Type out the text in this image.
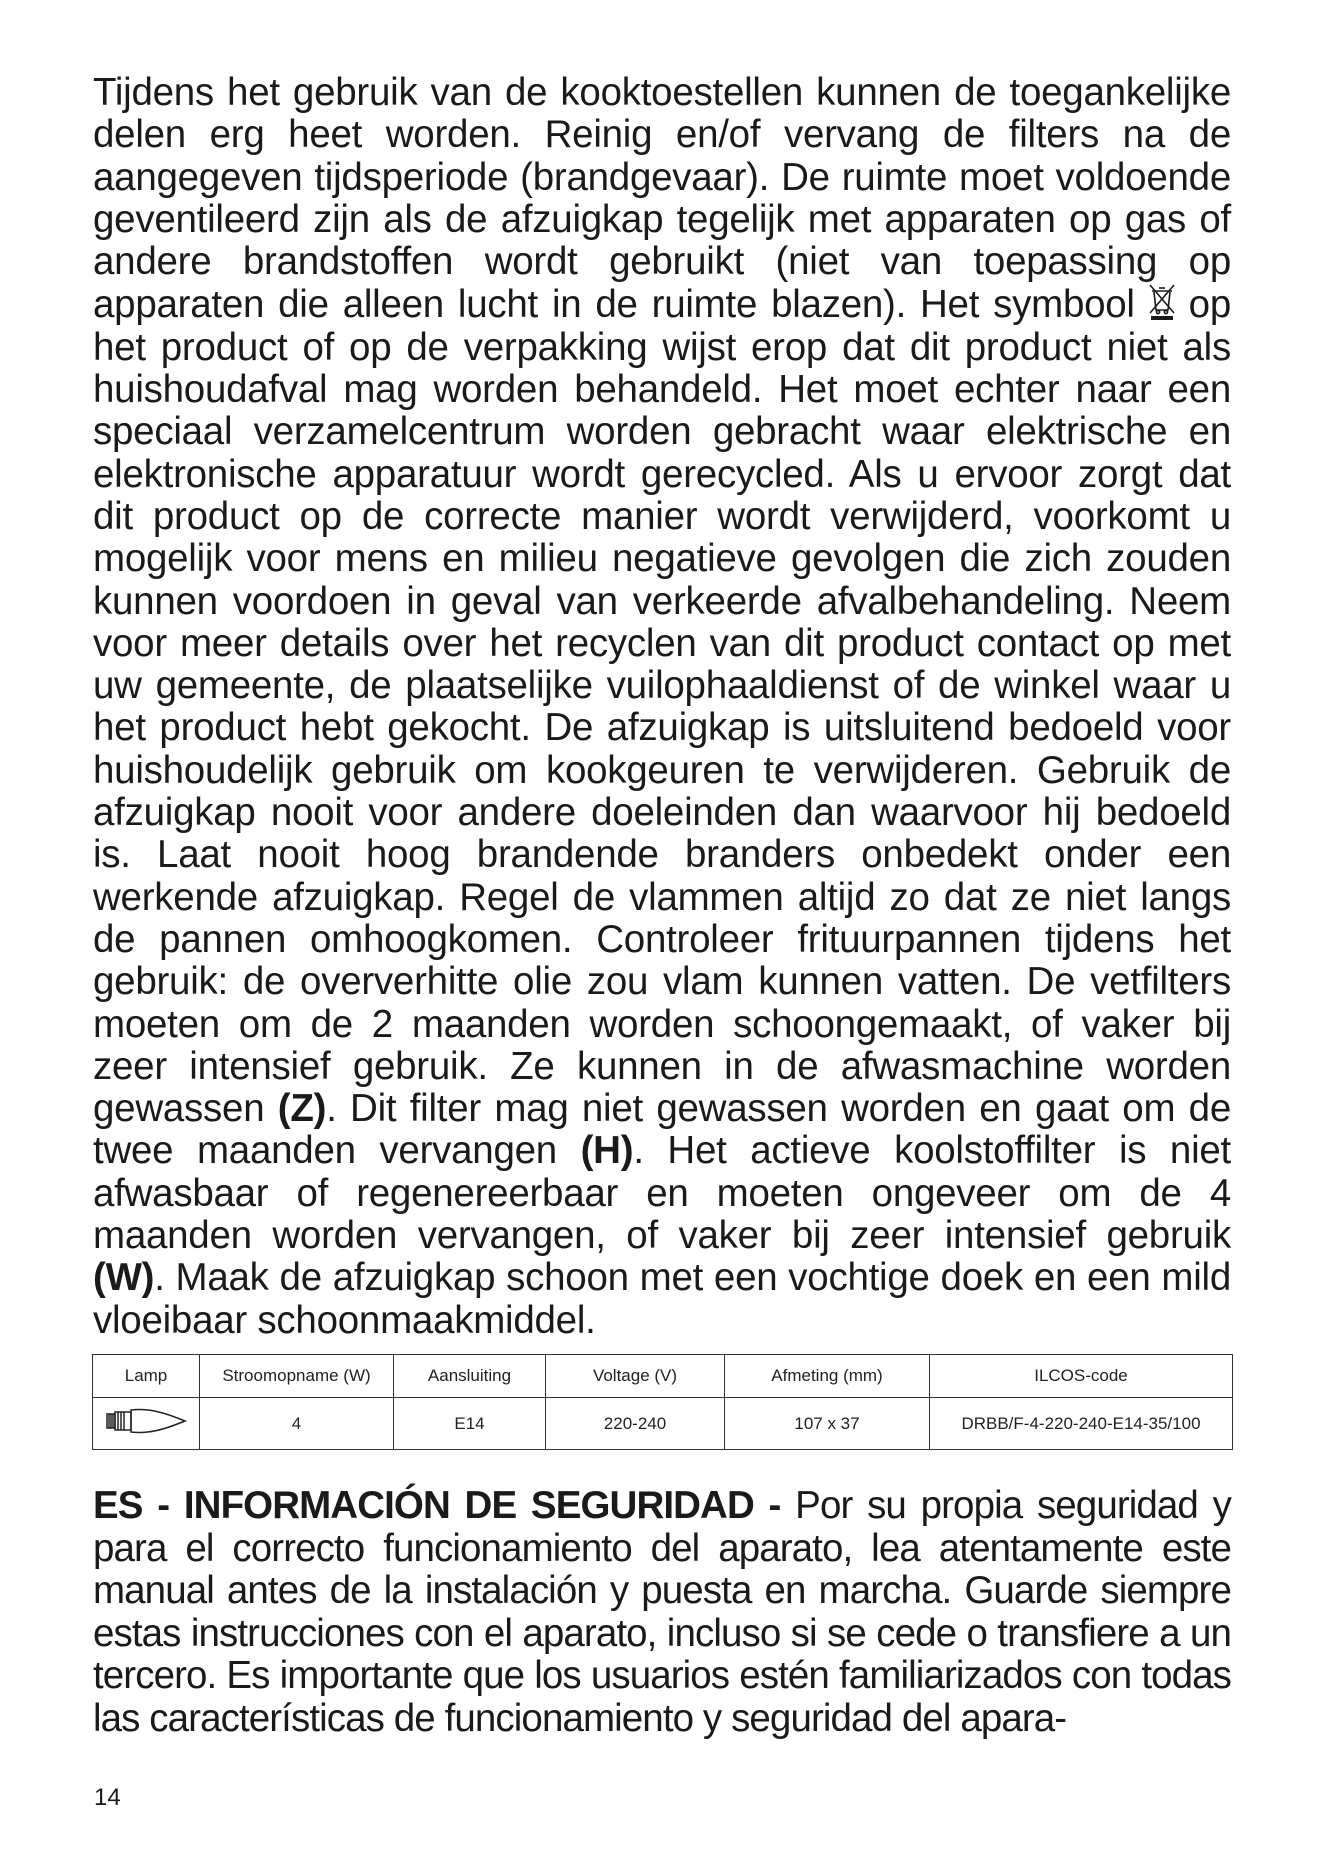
Tijdens het gebruik van de kooktoestellen kunnen de toegankelijke delen erg heet worden. Reinig en/of vervang de filters na de aangegeven tijdsperiode (brandgevaar). De ruimte moet voldoende geventileerd zijn als de afzuigkap tegelijk met apparaten op gas of andere brandstoffen wordt gebruikt (niet van toepassing op apparaten die alleen lucht in de ruimte blazen). Het symbool op het product of op de verpakking wijst erop dat dit product niet als huishoudafval mag worden behandeld. Het moet echter naar een speciaal verzamelcentrum worden gebracht waar elektrische en elektronische apparatuur wordt gerecycled. Als u ervoor zorgt dat dit product op de correcte manier wordt verwijderd, voorkomt u mogelijk voor mens en milieu negatieve gevolgen die zich zouden kunnen voordoen in geval van verkeerde afvalbehandeling. Neem voor meer details over het recyclen van dit product contact op met uw gemeente, de plaatselijke vuilophaaldienst of de winkel waar u het product hebt gekocht. De afzuigkap is uitsluitend bedoeld voor huishoudelijk gebruik om kookgeuren te verwijderen. Gebruik de afzuigkap nooit voor andere doeleinden dan waarvoor hij bedoeld is. Laat nooit hoog brandende branders onbedekt onder een werkende afzuigkap. Regel de vlammen altijd zo dat ze niet langs de pannen omhoogkomen. Controleer frituurpannen tijdens het gebruik: de oververhitte olie zou vlam kunnen vatten. De vetfilters moeten om de 2 maanden worden schoongemaakt, of vaker bij zeer intensief gebruik. Ze kunnen in de afwasmachine worden gewassen (Z). Dit filter mag niet gewassen worden en gaat om de twee maanden vervangen (H). Het actieve koolstoffilter is niet afwasbaar of regenereerbaar en moeten ongeveer om de 4 maanden worden vervangen, of vaker bij zeer intensief gebruik (W). Maak de afzuigkap schoon met een vochtige doek en een mild vloeibaar schoonmaakmiddel.

Lamp	Stroomopname (W)	Aansluiting	Voltage (V)	Afmeting (mm)	ILCOS-code
	4	E14	220-240	107 x 37	DRBB/F-4-220-240-E14-35/100

ES - INFORMACIÓN DE SEGURIDAD - Por su propia seguridad y para el correcto funcionamiento del aparato, lea atentamente este manual antes de la instalación y puesta en marcha. Guarde siempre estas instrucciones con el aparato, incluso si se cede o transfiere a un tercero. Es importante que los usuarios estén familiarizados con todas las características de funcionamiento y seguridad del apara-

14
